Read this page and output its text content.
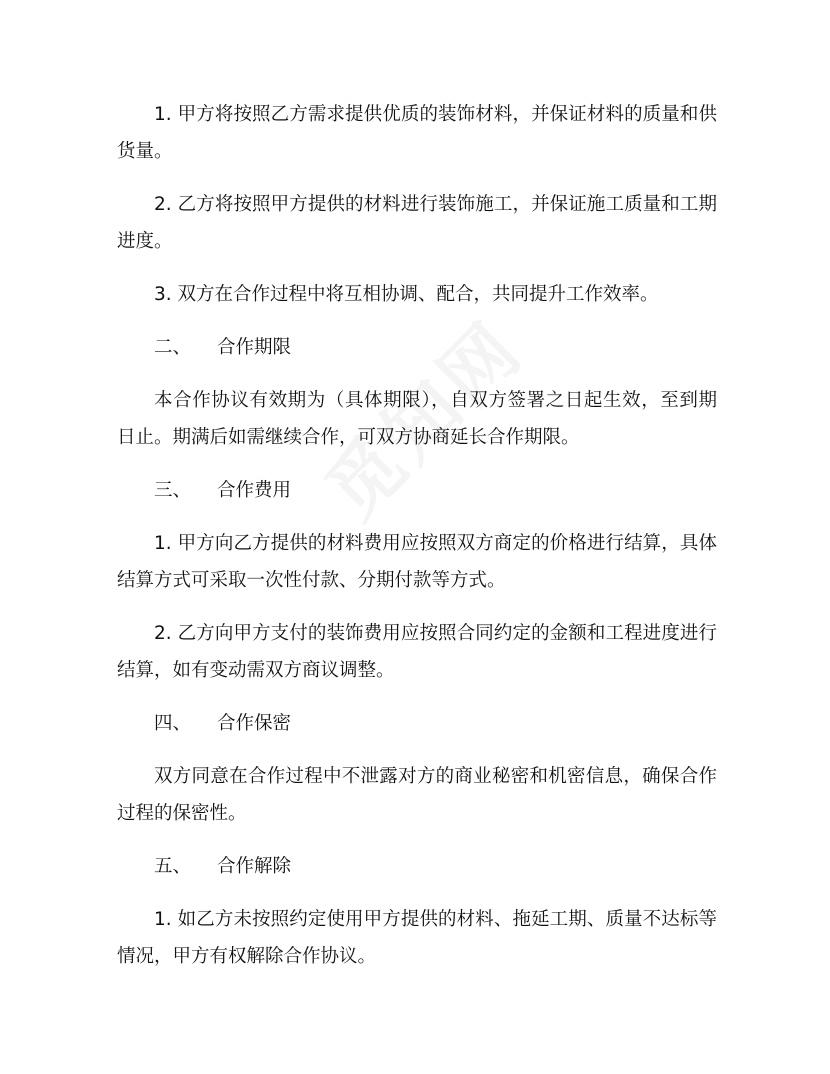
1. 甲方将按照乙方需求提供优质的装饰材料，并保证材料的质量和供货量。

2. 乙方将按照甲方提供的材料进行装饰施工，并保证施工质量和工期进度。

3. 双方在合作过程中将互相协调、配合，共同提升工作效率。

二、 合作期限

本合作协议有效期为（具体期限），自双方签署之日起生效，至到期日止。期满后如需继续合作，可双方协商延长合作期限。

三、 合作费用

1. 甲方向乙方提供的材料费用应按照双方商定的价格进行结算，具体结算方式可采取一次性付款、分期付款等方式。

2. 乙方向甲方支付的装饰费用应按照合同约定的金额和工程进度进行结算，如有变动需双方商议调整。

四、 合作保密

双方同意在合作过程中不泄露对方的商业秘密和机密信息，确保合作过程的保密性。

五、 合作解除

1. 如乙方未按照约定使用甲方提供的材料、拖延工期、质量不达标等情况，甲方有权解除合作协议。
